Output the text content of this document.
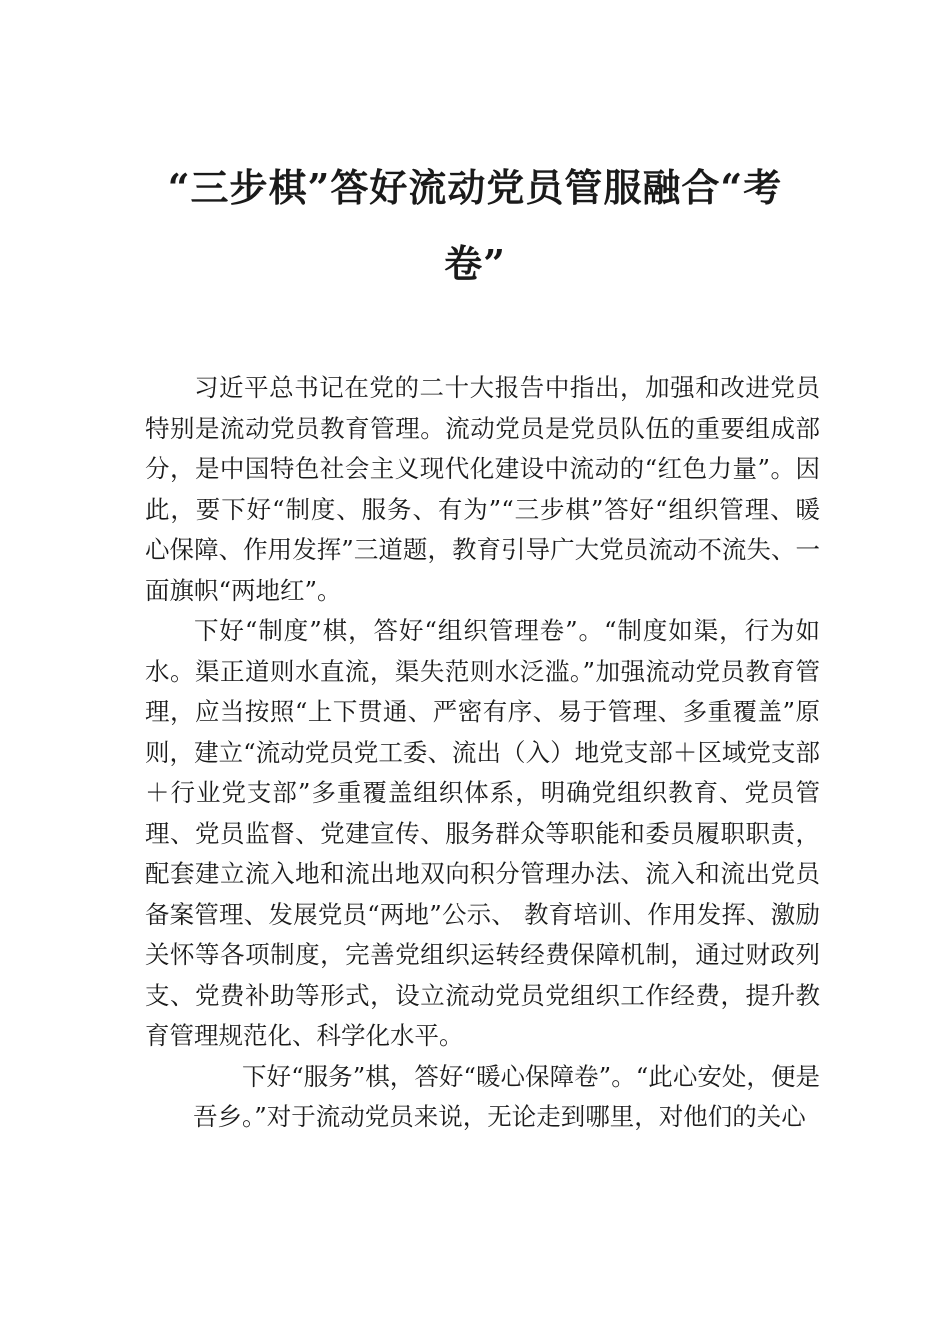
“三步棋”答好流动党员管服融合“考卷”

习近平总书记在党的二十大报告中指出，加强和改进党员特别是流动党员教育管理。流动党员是党员队伍的重要组成部分，是中国特色社会主义现代化建设中流动的“红色力量”。因此，要下好“制度、服务、有为”“三步棋”答好“组织管理、暖心保障、作用发挥”三道题，教育引导广大党员流动不流失、一面旗帜“两地红”。

下好“制度”棋，答好“组织管理卷”。“制度如渠，行为如水。渠正道则水直流，渠失范则水泛滥。”加强流动党员教育管理，应当按照“上下贯通、严密有序、易于管理、多重覆盖”原则，建立“流动党员党工委、流出（入）地党支部＋区域党支部＋行业党支部”多重覆盖组织体系，明确党组织教育、党员管理、党员监督、党建宣传、服务群众等职能和委员履职职责，配套建立流入地和流出地双向积分管理办法、流入和流出党员备案管理、发展党员“两地”公示、 教育培训、作用发挥、激励关怀等各项制度，完善党组织运转经费保障机制，通过财政列支、党费补助等形式，设立流动党员党组织工作经费，提升教育管理规范化、科学化水平。

下好“服务”棋，答好“暖心保障卷”。“此心安处，便是吾乡。”对于流动党员来说，无论走到哪里，对他们的关心
